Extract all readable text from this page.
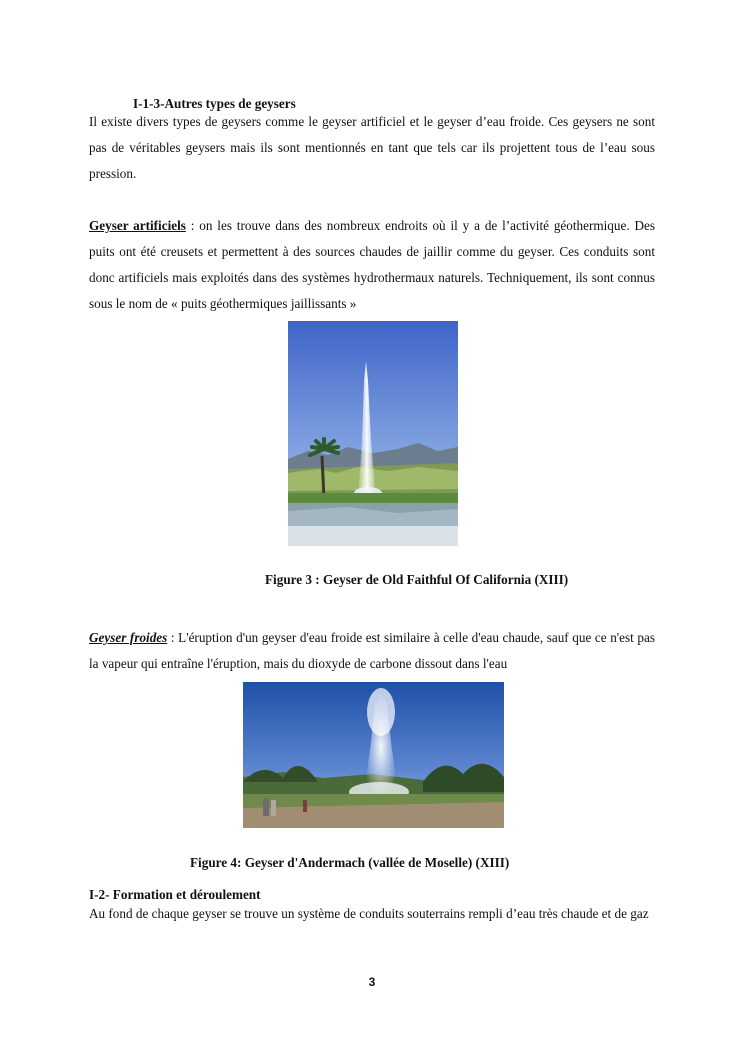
I-1-3-Autres types de geysers

Il existe divers types de geysers comme le geyser artificiel et le geyser d’eau froide. Ces geysers ne sont pas de véritables geysers mais ils sont mentionnés en tant que tels car ils projettent tous de l’eau sous pression.

Geyser artificiels : on les trouve dans des nombreux endroits où il y a de l’activité géothermique. Des puits ont été creusets et permettent à des sources chaudes de jaillir comme du geyser. Ces conduits sont donc artificiels mais exploités dans des systèmes hydrothermaux naturels. Techniquement, ils sont connus sous le nom de « puits géothermiques jaillissants »

Figure 3 : Geyser de Old Faithful Of California (XIII)

Geyser froides : L'éruption d'un geyser d'eau froide est similaire à celle d'eau chaude, sauf que ce n'est pas la vapeur qui entraîne l'éruption, mais du dioxyde de carbone dissout dans l'eau

Figure 4: Geyser d'Andermach (vallée de Moselle) (XIII)
I-2- Formation et déroulement

Au fond de chaque geyser se trouve un système de conduits souterrains rempli d’eau très chaude et de gaz

3
